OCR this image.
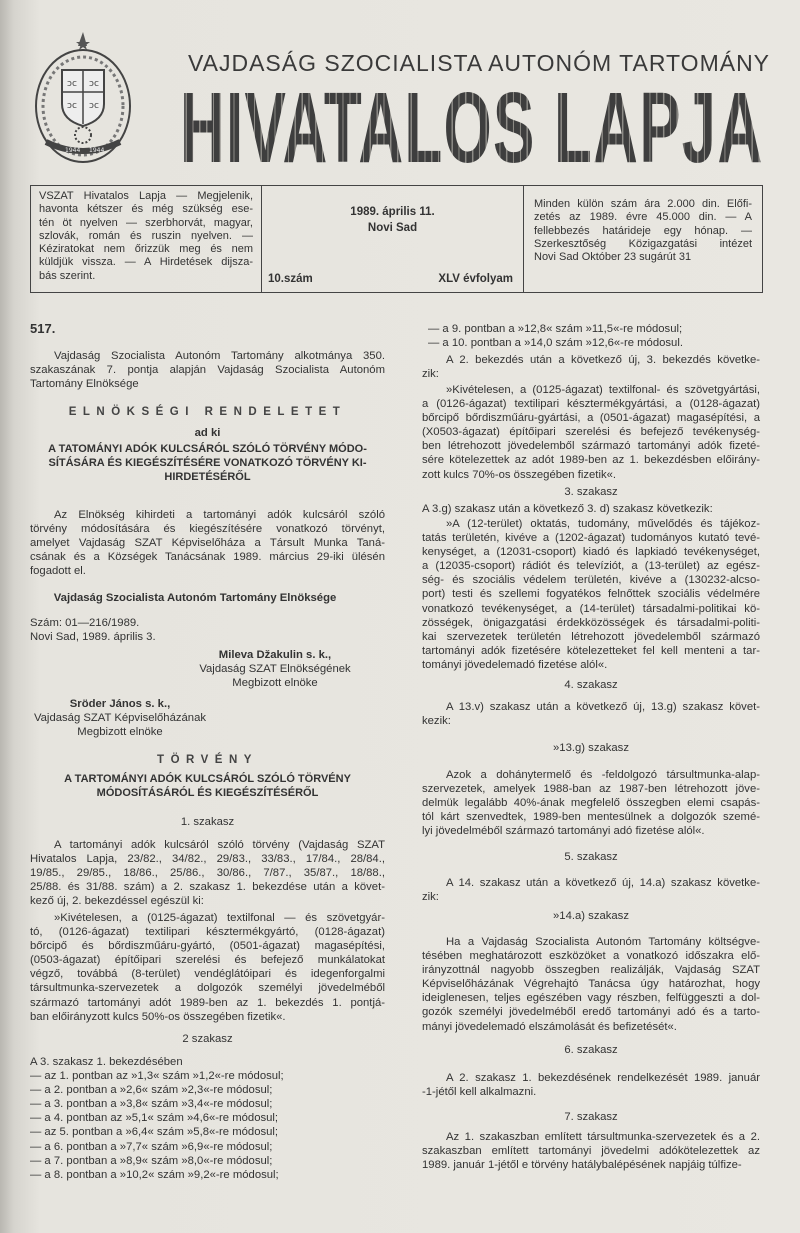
ↄc ↄc
ↄc ↄc
1944 1944
VAJDASÁG SZOCIALISTA AUTONÓM TARTOMÁNY
HIVATALOS LAPJA
VSZAT Hivatalos Lapja — Megjelenik,
havonta kétszer és még szükség ese-
tén öt nyelven — szerbhorvát, magyar,
szlovák, román és ruszin nyelven. —
Kéziratokat nem őrizzük meg és nem
küldjük vissza. — A Hirdetések dijsza-
bás szerint.
1989. április 11.
Novi Sad
10.szám	XLV évfolyam
Minden külön szám ára 2.000 din. Előfi-
zetés az 1989. évre 45.000 din. — A
fellebbezés határideje egy hónap. —
Szerkesztőség Közigazgatási intézet
Novi Sad Október 23 sugárút 31
517.
Vajdaság Szocialista Autonóm Tartomány alkotmánya 350.
szakaszának 7. pontja alapján Vajdaság Szocialista Autonóm
Tartomány Elnöksége
ELNÖKSÉGI RENDELETET
ad ki
A TATOMÁNYI ADÓK KULCSÁRÓL SZÓLÓ TÖRVÉNY MÓDO-
SÍTÁSÁRA ÉS KIEGÉSZÍTÉSÉRE VONATKOZÓ TÖRVÉNY KI-
HIRDETÉSÉRŐL
Az Elnökség kihirdeti a tartományi adók kulcsáról szóló
törvény módosítására és kiegészítésére vonatkozó törvényt,
amelyet Vajdaság SZAT Képviselőháza a Társult Munka Taná-
csának és a Községek Tanácsának 1989. március 29-iki ülésén
fogadott el.
Vajdaság Szocialista Autonóm Tartomány Elnöksége
Szám: 01—216/1989.
Novi Sad, 1989. április 3.
Mileva Džakulin s. k.,
Vajdaság SZAT Elnökségének
Megbizott elnöke
Sröder János s. k.,
Vajdaság SZAT Képviselőházának
Megbizott elnöke
TÖRVÉNY
A TARTOMÁNYI ADÓK KULCSÁRÓL SZÓLÓ TÖRVÉNY
MÓDOSÍTÁSÁRÓL ÉS KIEGÉSZÍTÉSÉRŐL
1. szakasz
A tartományi adók kulcsáról szóló törvény (Vajdaság SZAT
Hivatalos Lapja, 23/82., 34/82., 29/83., 33/83., 17/84., 28/84.,
19/85., 29/85., 18/86., 25/86., 30/86., 7/87., 35/87., 18/88.,
25/88. és 31/88. szám) a 2. szakasz 1. bekezdése után a követ-
kező új, 2. bekezdéssel egészül ki:
»Kivételesen, a (0125-ágazat) textilfonal — és szövetgyár-
tó, (0126-ágazat) textilipari késztermékgyártó, (0128-ágazat)
bőrcipő és bőrdiszműáru-gyártó, (0501-ágazat) magasépítési,
(0503-ágazat) építőipari szerelési és befejező munkálatokat
végző, továbbá (8-terület) vendéglátóipari és idegenforgalmi
társultmunka-szervezetek a dolgozók személyi jövedelméből
származó tartományi adót 1989-ben az 1. bekezdés 1. pontjá-
ban előirányzott kulcs 50%-os összegében fizetik«.
2 szakasz
A 3. szakasz 1. bekezdésében
— az 1. pontban az »1,3« szám »1,2«-re módosul;
— a 2. pontban a »2,6« szám »2,3«-re módosul;
— a 3. pontban a »3,8« szám »3,4«-re módosul;
— a 4. pontban az »5,1« szám »4,6«-re módosul;
— az 5. pontban a »6,4« szám »5,8«-re módosul;
— a 6. pontban a »7,7« szám »6,9«-re módosul;
— a 7. pontban a »8,9« szám »8,0«-re módosul;
— a 8. pontban a »10,2« szám »9,2«-re módosul;
— a 9. pontban a »12,8« szám »11,5«-re módosul;
— a 10. pontban a »14,0 szám »12,6«-re módosul.
A 2. bekezdés után a következő új, 3. bekezdés követke-
zik:
»Kivételesen, a (0125-ágazat) textilfonal- és szövetgyártási,
a (0126-ágazat) textilipari késztermékgyártási, a (0128-ágazat)
bőrcipő bőrdiszműáru-gyártási, a (0501-ágazat) magasépítési, a
(X0503-ágazat) építőipari szerelési és befejező tevékenység-
ben létrehozott jövedelemből származó tartományi adók fizeté-
sére kötelezettek az adót 1989-ben az 1. bekezdésben előirány-
zott kulcs 70%-os összegében fizetik«.
3. szakasz
A 3.g) szakasz után a következő 3. d) szakasz következik:
»A (12-terület) oktatás, tudomány, művelődés és tájékoz-
tatás területén, kivéve a (1202-ágazat) tudományos kutató tevé-
kenységet, a (12031-csoport) kiadó és lapkiadó tevékenységet,
a (12035-csoport) rádiót és televíziót, a (13-terület) az egész-
ség- és szociális védelem területén, kivéve a (130232-alcso-
port) testi és szellemi fogyatékos felnőttek szociális védelmére
vonatkozó tevékenységet, a (14-terület) társadalmi-politikai kö-
zösségek, önigazgatási érdekközösségek és társadalmi-politi-
kai szervezetek területén létrehozott jövedelemből származó
tartományi adók fizetésére kötelezetteket fel kell menteni a tar-
tományi jövedelemadó fizetése alól«.
4. szakasz
A 13.v) szakasz után a következő új, 13.g) szakasz követ-
kezik:
»13.g) szakasz
Azok a dohánytermelő és -feldolgozó társultmunka-alap-
szervezetek, amelyek 1988-ban az 1987-ben létrehozott jöve-
delmük legalább 40%-ának megfelelő összegben elemi csapás-
tól kárt szenvedtek, 1989-ben mentesülnek a dolgozók szemé-
lyi jövedelméből származó tartományi adó fizetése alól«.
5. szakasz
A 14. szakasz után a következő új, 14.a) szakasz követke-
zik:
»14.a) szakasz
Ha a Vajdaság Szocialista Autonóm Tartomány költségve-
tésében meghatározott eszközöket a vonatkozó időszakra elő-
irányzottnál nagyobb összegben realizálják, Vajdaság SZAT
Képviselőházának Végrehajtó Tanácsa úgy határozhat, hogy
ideiglenesen, teljes egészében vagy részben, felfüggeszti a dol-
gozók személyi jövedelméből eredő tartományi adó és a tarto-
mányi jövedelemadó elszámolását és befizetését«.
6. szakasz
A 2. szakasz 1. bekezdésének rendelkezését 1989. január
-1-jétől kell alkalmazni.
7. szakasz
Az 1. szakaszban említett társultmunka-szervezetek és a 2.
szakaszban említett tartományi jövedelmi adókötelezettek az
1989. január 1-jétől e törvény hatálybalépésének napjáig túlfize-
